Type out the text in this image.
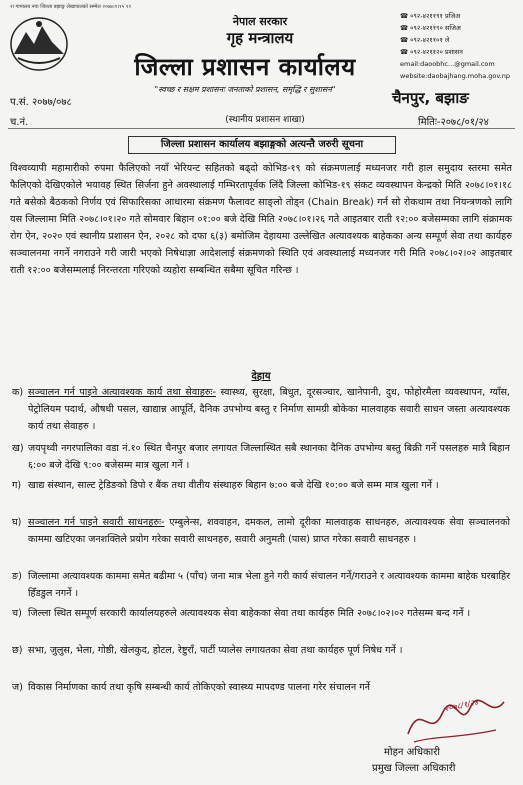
२ा गामालय नपा जिल्ला बझाङ्ग लेखापालको सम्मेल २०७७।१।१५ ११
नेपाल सरकार
गृह मन्त्रालय
जिल्ला प्रशासन कार्यालय
"स्वच्छ र सक्षम प्रशासनः जनताको प्रशासन, समृद्धि र सुशासन"
☎ ०९२-४२११९१ प्रजिअ
☎ ०९२-४२११९० सजिअ
☎ ०९२-४२११०१ ले
☎ ०९२-४२११२० प्रशासन
email:daoobhc...@gmail.com
website:daobajhang.moha.gov.np
चैनपुर, बझाङ
प.सं. २०७७/०७८
(स्थानीय प्रशासन शाखा)
च.नं.	मितिः-२०७८/०१/२४
जिल्ला प्रशासन कार्यालय बझाङ्गको अत्यन्तै जरुरी सूचना
विश्वव्यापी महामारीको रुपमा फैलिएको नयाँ भेरियन्ट सहितको बढ्दो कोभिड-१९ को संक्रमणलाई मध्यनजर गरी हाल समुदाय स्तरमा समेत फैलिएको देखिएकोले भयावह स्थित सिर्जना हुने अवस्थालाई गम्भिरतापूर्वक लिंदै जिल्ला कोभिड-१९ संकट व्यवस्थापन केन्द्रको मिति २०७८।०१।१८ गते बसेको बैठकको निर्णय एवं सिफारिसका आधारमा संक्रमण फैलावट साङ्लो तोड्न (Chain Break) गर्न सो रोकथाम तथा नियन्त्रणको लागि यस जिल्लामा मिति २०७८।०१।२० गते सोमवार बिहान ०१:०० बजे देखि मिति २०७८।०१।२६ गते आइतबार राती १२:०० बजेसम्मका लागि संक्रामक रोग ऐन, २०२० एवं स्थानीय प्रशासन ऐन, २०२८ को दफा ६(३) बमोजिम देहायमा उल्लेखित अत्यावश्यक बाहेकका अन्य सम्पूर्ण सेवा तथा कार्यहरु सञ्चालनमा नगर्ने नगराउने गरी जारी भएको निषेधाज्ञा आदेशलाई संक्रमणको स्थिति एवं अवस्थालाई मध्यनजर गरी मिति २०७८।०२।०२ आइतबार राती १२:०० बजेसम्मलाई निरन्तरता गरिएको व्यहोरा सम्बन्धित सबैमा सूचित गरिन्छ ।
देहाय
क) सञ्चालन गर्न पाइने अत्यावश्यक कार्य तथा सेवाहरुः- स्वास्थ्य, सुरक्षा, बिधुत, दूरसञ्चार, खानेपानी, दुध, फोहोरमैला व्यवस्थापन, ग्याँस, पेट्रोलियम पदार्थ, औषधी पसल, खाद्यान्न आपूर्ति, दैनिक उपभोग्य बस्तु र निर्माण सामग्री बोकेका मालवाहक सवारी साधन जस्ता अत्यावश्यक कार्य तथा सेवाहरु ।
ख) जयपृथ्वी नगरपालिका वडा नं.१० स्थित चैनपुर बजार लगायत जिल्लास्थित सबै स्थानका दैनिक उपभोग्य बस्तु बिक्री गर्ने पसलहरु मात्रै बिहान ६:०० बजे देखि ९:०० बजेसम्म मात्र खुला गर्ने ।
ग) खाद्य संस्थान, साल्ट ट्रेडिङको डिपो र बैंक तथा वीतीय संस्थाहरु बिहान ७:०० बजे देखि १०:०० बजे सम्म मात्र खुला गर्ने ।
घ) सञ्चालन गर्न पाइने सवारी साधनहरुः- एम्बुलेन्स, शववाहन, दमकल, लामो दूरीका मालवाहक साधनहरु, अत्यावश्यक सेवा सञ्चालनको काममा खटिएका जनशक्तिले प्रयोग गरेका सवारी साधनहरु, सवारी अनुमती (पास) प्राप्त गरेका सवारी साधनहरु ।
ङ) जिल्लामा अत्यावश्यक काममा समेत बढीमा ५ (पाँच) जना मात्र भेला हुने गरी कार्य संचालन गर्ने/गराउने र अत्यावश्यक काममा बाहेक घरबाहिर हिँडडुल नगर्ने ।
च) जिल्ला स्थित सम्पूर्ण सरकारी कार्यालयहरुले अत्यावश्यक सेवा बाहेकका सेवा तथा कार्यहरु मिति २०७८।०२।०२ गतेसम्म बन्द गर्ने ।
छ) सभा, जुलुस, भेला, गोष्ठी, खेलकुद, होटल, रेष्टुराँ, पार्टी प्यालेस लगायतका सेवा तथा कार्यहरु पूर्ण निषेध गर्ने ।
ज) विकास निर्माणका कार्य तथा कृषि सम्बन्धी कार्य तोकिएको स्वास्थ्य मापदण्ड पालना गरेर संचालन गर्ने
२०७८/१/२४
मोहन अधिकारी
प्रमुख जिल्ला अधिकारी
